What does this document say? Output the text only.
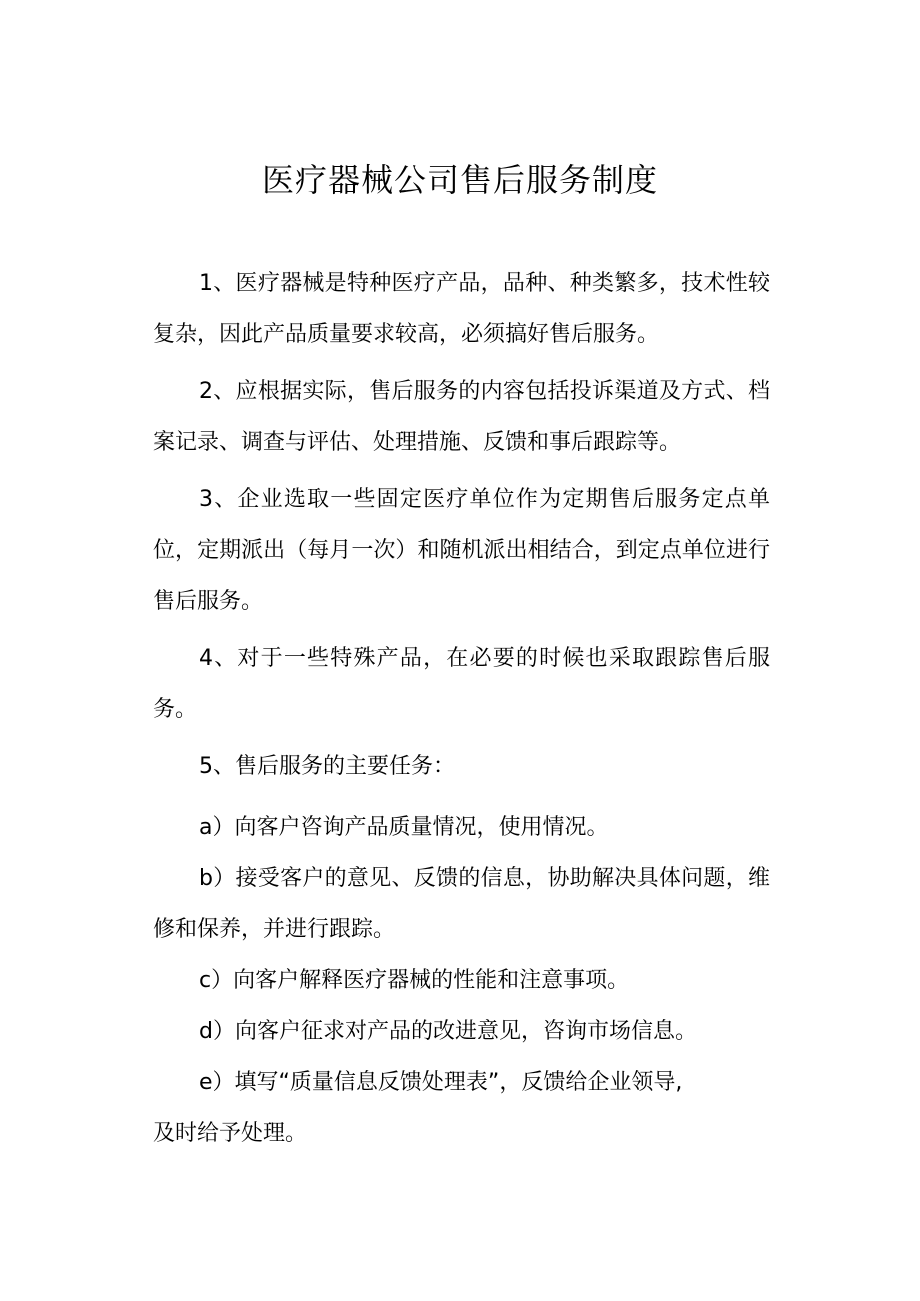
医疗器械公司售后服务制度

1、医疗器械是特种医疗产品，品种、种类繁多，技术性较复杂，因此产品质量要求较高，必须搞好售后服务。

2、应根据实际，售后服务的内容包括投诉渠道及方式、档案记录、调查与评估、处理措施、反馈和事后跟踪等。

3、企业选取一些固定医疗单位作为定期售后服务定点单位，定期派出（每月一次）和随机派出相结合，到定点单位进行售后服务。

4、对于一些特殊产品，在必要的时候也采取跟踪售后服务。

5、售后服务的主要任务：

a）向客户咨询产品质量情况，使用情况。

b）接受客户的意见、反馈的信息，协助解决具体问题，维修和保养，并进行跟踪。

c）向客户解释医疗器械的性能和注意事项。

d）向客户征求对产品的改进意见，咨询市场信息。

e）填写“质量信息反馈处理表”，反馈给企业领导,

及时给予处理。
